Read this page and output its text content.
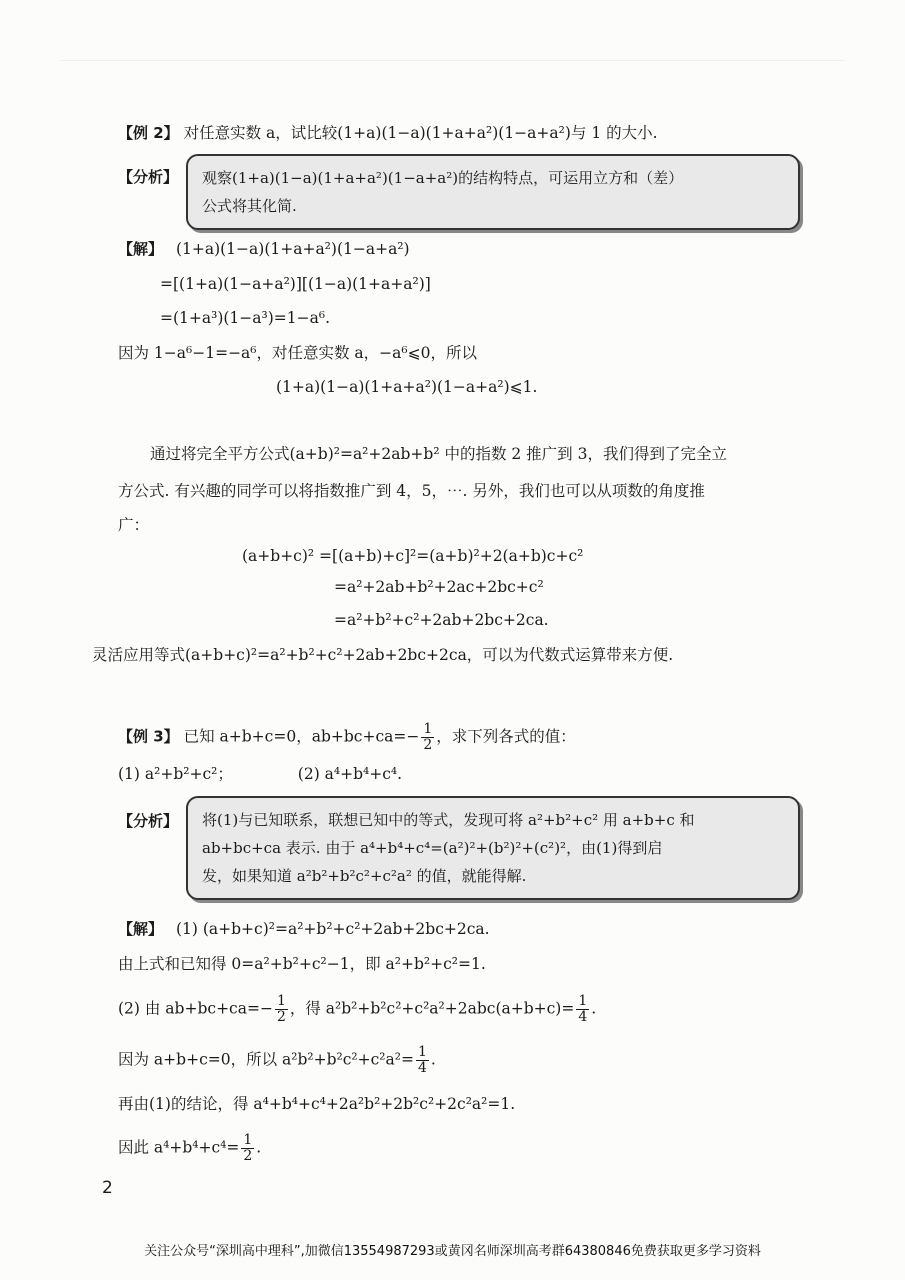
【例 2】 对任意实数 a，试比较(1+a)(1−a)(1+a+a²)(1−a+a²)与 1 的大小.
【分析】 观察(1+a)(1−a)(1+a+a²)(1−a+a²)的结构特点，可运用立方和（差）
公式将其化简.
【解】 (1+a)(1−a)(1+a+a²)(1−a+a²)
=[(1+a)(1−a+a²)][(1−a)(1+a+a²)]
=(1+a³)(1−a³)=1−a⁶.
因为 1−a⁶−1=−a⁶，对任意实数 a，−a⁶⩽0，所以
(1+a)(1−a)(1+a+a²)(1−a+a²)⩽1.
通过将完全平方公式(a+b)²=a²+2ab+b² 中的指数 2 推广到 3，我们得到了完全立
方公式. 有兴趣的同学可以将指数推广到 4，5，⋯. 另外，我们也可以从项数的角度推
广：
(a+b+c)² =[(a+b)+c]²=(a+b)²+2(a+b)c+c²
=a²+2ab+b²+2ac+2bc+c²
=a²+b²+c²+2ab+2bc+2ca.
灵活应用等式(a+b+c)²=a²+b²+c²+2ab+2bc+2ca，可以为代数式运算带来方便.
【例 3】 已知 a+b+c=0，$ab+bc+ca=- \frac{1}{2}$ ，求下列各式的值：
(1) a²+b²+c²；	(2) a⁴+b⁴+c⁴.
【分析】 将(1)与已知联系，联想已知中的等式，发现可将 a²+b²+c² 用 a+b+c 和
ab+bc+ca 表示. 由于 a⁴+b⁴+c⁴=(a²)²+(b²)²+(c²)²，由(1)得到启
发，如果知道 a²b²+b²c²+c²a² 的值，就能得解.
【解】 (1) (a+b+c)²=a²+b²+c²+2ab+2bc+2ca.
由上式和已知得 0=a²+b²+c²−1，即 a²+b²+c²=1.
(2) 由 $ab+bc+ca=- \frac{1}{2}$ ，得 $a^2b^2+b^2c^2+c^2a^2+2abc(a+b+c)= \frac{1}{4}$ .
因为 a+b+c=0，所以 $a^2b^2+b^2c^2+c^2a^2= \frac{1}{4}$ .
再由(1)的结论，得 a⁴+b⁴+c⁴+2a²b²+2b²c²+2c²a²=1.
因此 $a^4+b^4+c^4= \frac{1}{2}$ .
2
关注公众号“深圳高中理科”,加微信13554987293或黄冈名师深圳高考群64380846免费获取更多学习资料
